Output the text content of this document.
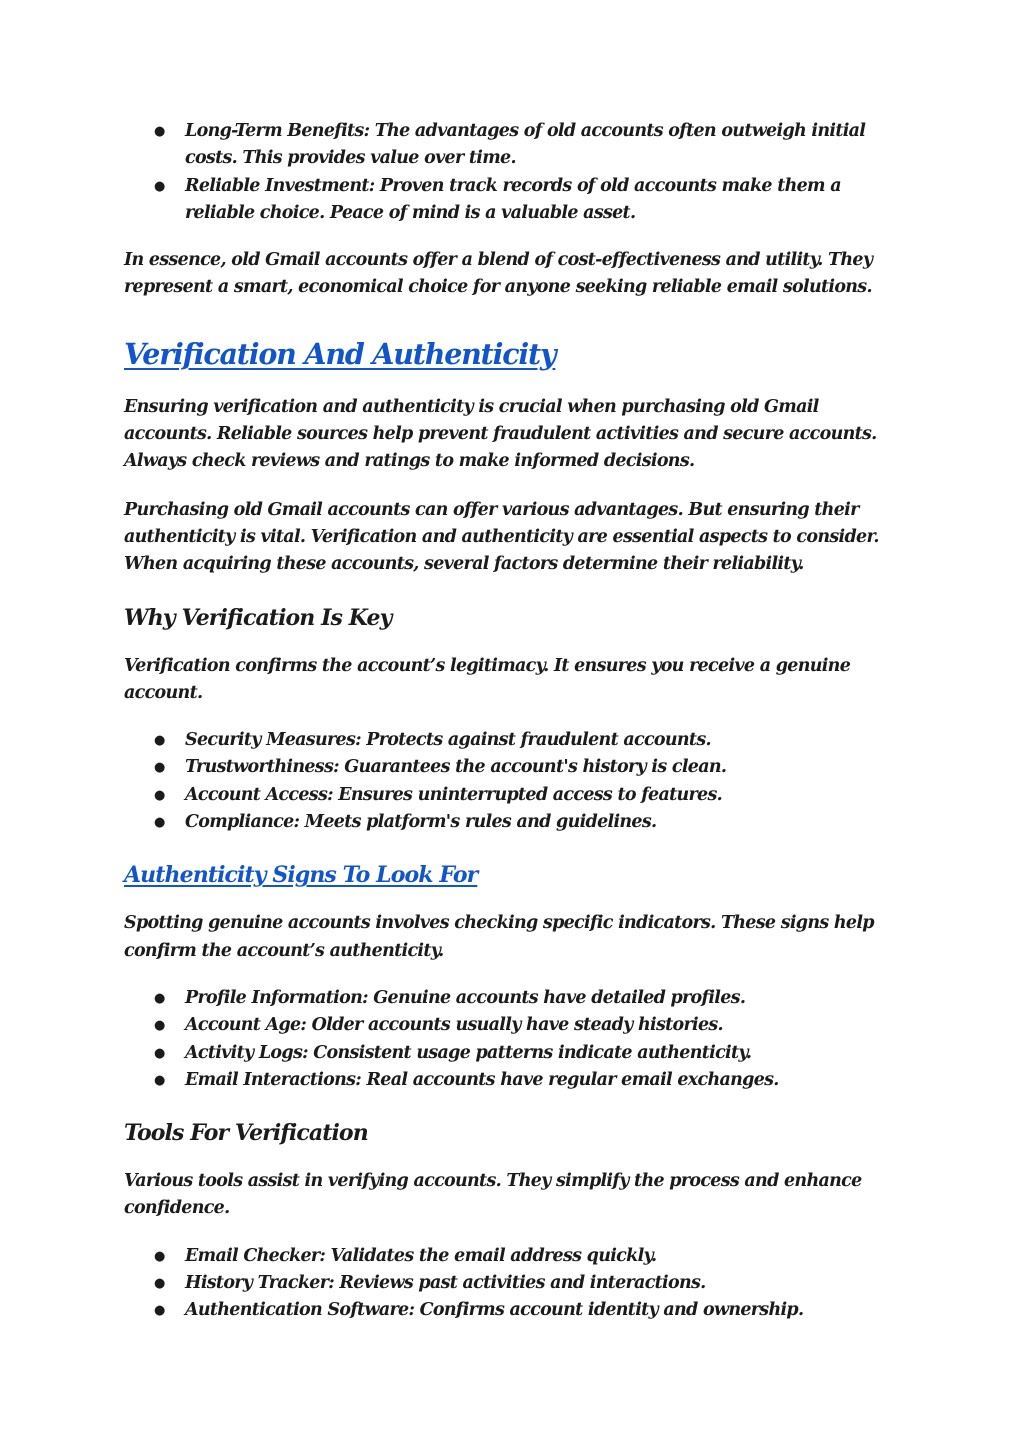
● Long-Term Benefits: The advantages of old accounts often outweigh initial costs. This provides value over time.
● Reliable Investment: Proven track records of old accounts make them a reliable choice. Peace of mind is a valuable asset.

In essence, old Gmail accounts offer a blend of cost-effectiveness and utility. They represent a smart, economical choice for anyone seeking reliable email solutions.

Verification And Authenticity

Ensuring verification and authenticity is crucial when purchasing old Gmail accounts. Reliable sources help prevent fraudulent activities and secure accounts. Always check reviews and ratings to make informed decisions.

Purchasing old Gmail accounts can offer various advantages. But ensuring their authenticity is vital. Verification and authenticity are essential aspects to consider. When acquiring these accounts, several factors determine their reliability.

Why Verification Is Key

Verification confirms the account’s legitimacy. It ensures you receive a genuine account.

● Security Measures: Protects against fraudulent accounts.
● Trustworthiness: Guarantees the account's history is clean.
● Account Access: Ensures uninterrupted access to features.
● Compliance: Meets platform's rules and guidelines.
Authenticity Signs To Look For

Spotting genuine accounts involves checking specific indicators. These signs help confirm the account’s authenticity.

● Profile Information: Genuine accounts have detailed profiles.
● Account Age: Older accounts usually have steady histories.
● Activity Logs: Consistent usage patterns indicate authenticity.
● Email Interactions: Real accounts have regular email exchanges.
Tools For Verification

Various tools assist in verifying accounts. They simplify the process and enhance confidence.

● Email Checker: Validates the email address quickly.
● History Tracker: Reviews past activities and interactions.
● Authentication Software: Confirms account identity and ownership.
